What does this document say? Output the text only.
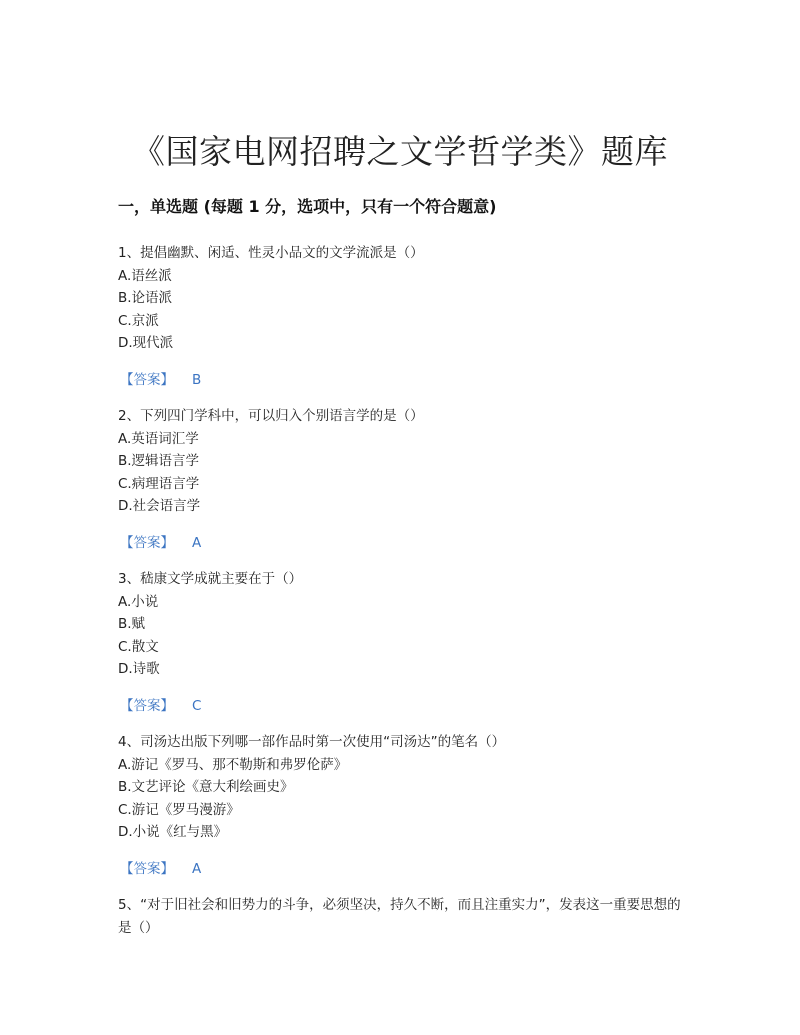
《国家电网招聘之文学哲学类》题库
一，单选题 (每题 1 分，选项中，只有一个符合题意)
1、提倡幽默、闲适、性灵小品文的文学流派是（）
A.语丝派
B.论语派
C.京派
D.现代派
【答案】 B
2、下列四门学科中，可以归入个别语言学的是（）
A.英语词汇学
B.逻辑语言学
C.病理语言学
D.社会语言学
【答案】 A
3、嵇康文学成就主要在于（）
A.小说
B.赋
C.散文
D.诗歌
【答案】 C
4、司汤达出版下列哪一部作品时第一次使用“司汤达”的笔名（）
A.游记《罗马、那不勒斯和弗罗伦萨》
B.文艺评论《意大利绘画史》
C.游记《罗马漫游》
D.小说《红与黑》
【答案】 A
5、“对于旧社会和旧势力的斗争，必须坚决，持久不断，而且注重实力”，发表这一重要思想的是（）
